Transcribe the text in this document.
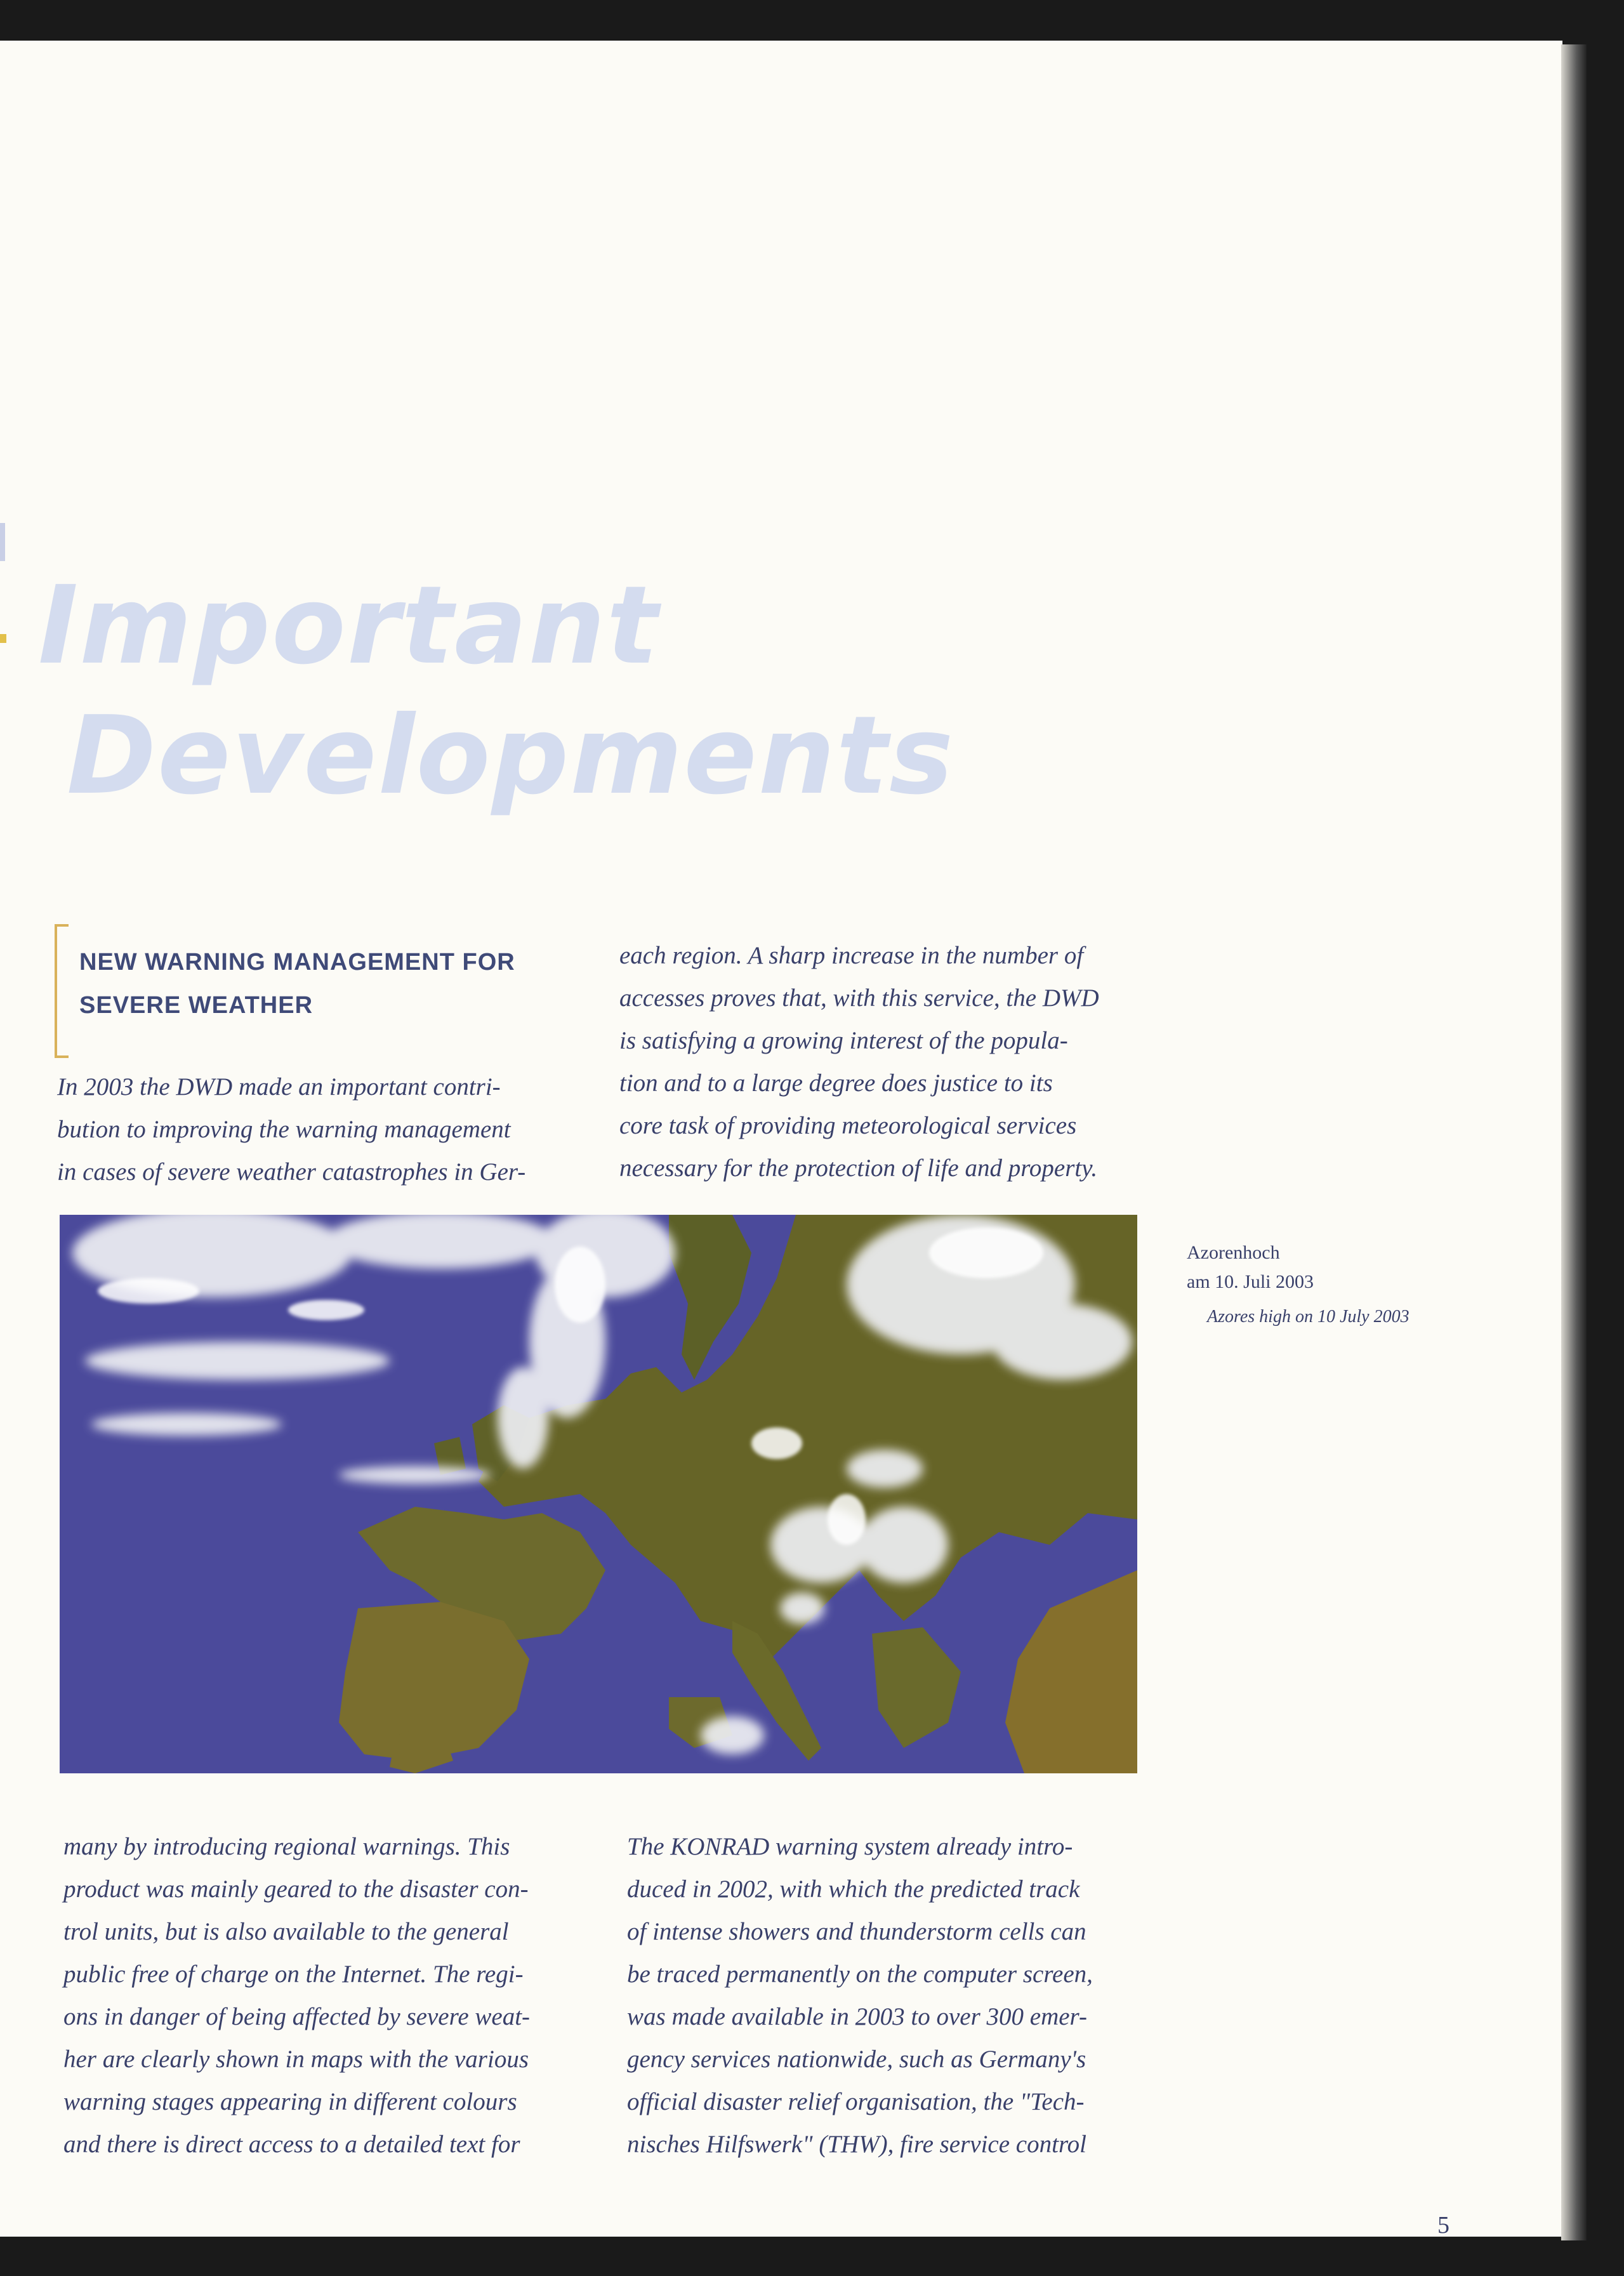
Important
Developments
NEW WARNING MANAGEMENT FOR
SEVERE WEATHER
In 2003 the DWD made an important contri-
bution to improving the warning management
in cases of severe weather catastrophes in Ger-
each region. A sharp increase in the number of
accesses proves that, with this service, the DWD
is satisfying a growing interest of the popula-
tion and to a large degree does justice to its
core task of providing meteorological services
necessary for the protection of life and property.
Azorenhoch
am 10. Juli 2003
Azores high on 10 July 2003
many by introducing regional warnings. This
product was mainly geared to the disaster con-
trol units, but is also available to the general
public free of charge on the Internet. The regi-
ons in danger of being affected by severe weat-
her are clearly shown in maps with the various
warning stages appearing in different colours
and there is direct access to a detailed text for
The KONRAD warning system already intro-
duced in 2002, with which the predicted track
of intense showers and thunderstorm cells can
be traced permanently on the computer screen,
was made available in 2003 to over 300 emer-
gency services nationwide, such as Germany's
official disaster relief organisation, the "Tech-
nisches Hilfswerk" (THW), fire service control
5
